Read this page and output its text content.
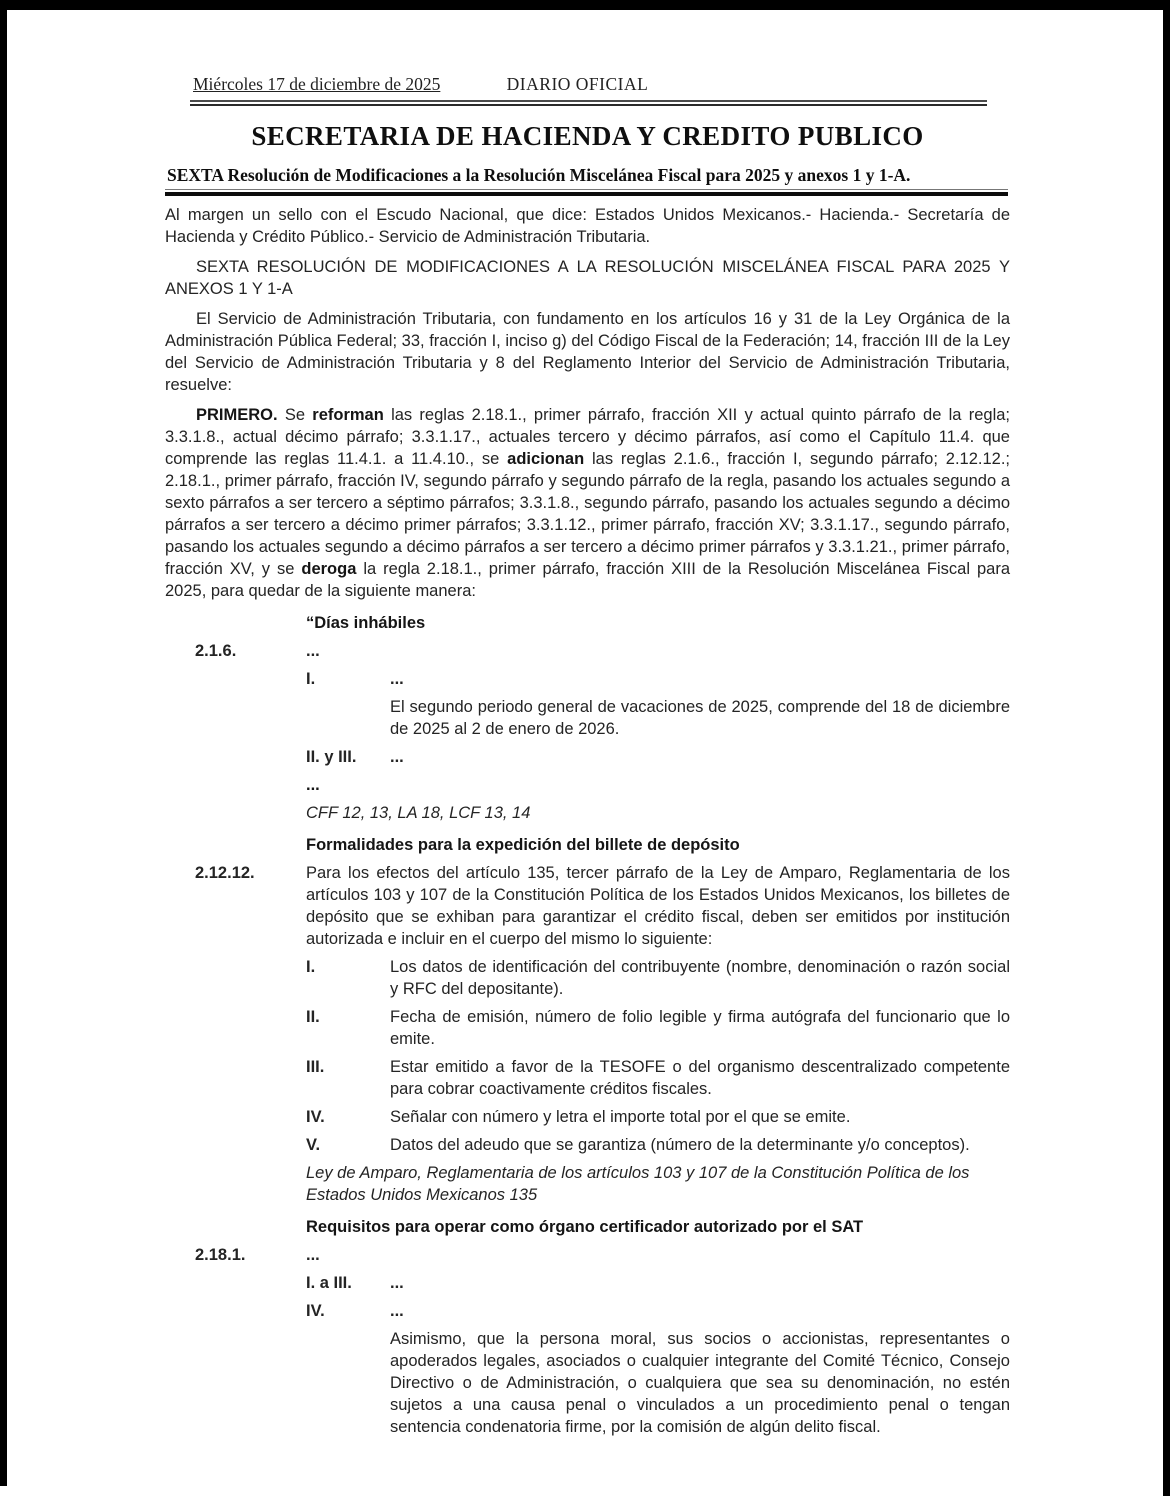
Miércoles 17 de diciembre de 2025	DIARIO OFICIAL
SECRETARIA DE HACIENDA Y CREDITO PUBLICO
SEXTA Resolución de Modificaciones a la Resolución Miscelánea Fiscal para 2025 y anexos 1 y 1-A.

Al margen un sello con el Escudo Nacional, que dice: Estados Unidos Mexicanos.- Hacienda.- Secretaría de Hacienda y Crédito Público.- Servicio de Administración Tributaria.

SEXTA RESOLUCIÓN DE MODIFICACIONES A LA RESOLUCIÓN MISCELÁNEA FISCAL PARA 2025 Y ANEXOS 1 Y 1-A

El Servicio de Administración Tributaria, con fundamento en los artículos 16 y 31 de la Ley Orgánica de la Administración Pública Federal; 33, fracción I, inciso g) del Código Fiscal de la Federación; 14, fracción III de la Ley del Servicio de Administración Tributaria y 8 del Reglamento Interior del Servicio de Administración Tributaria, resuelve:

PRIMERO. Se reforman las reglas 2.18.1., primer párrafo, fracción XII y actual quinto párrafo de la regla; 3.3.1.8., actual décimo párrafo; 3.3.1.17., actuales tercero y décimo párrafos, así como el Capítulo 11.4. que comprende las reglas 11.4.1. a 11.4.10., se adicionan las reglas 2.1.6., fracción I, segundo párrafo; 2.12.12.; 2.18.1., primer párrafo, fracción IV, segundo párrafo y segundo párrafo de la regla, pasando los actuales segundo a sexto párrafos a ser tercero a séptimo párrafos; 3.3.1.8., segundo párrafo, pasando los actuales segundo a décimo párrafos a ser tercero a décimo primer párrafos; 3.3.1.12., primer párrafo, fracción XV; 3.3.1.17., segundo párrafo, pasando los actuales segundo a décimo párrafos a ser tercero a décimo primer párrafos y 3.3.1.21., primer párrafo, fracción XV, y se deroga la regla 2.18.1., primer párrafo, fracción XIII de la Resolución Miscelánea Fiscal para 2025, para quedar de la siguiente manera:

“Días inhábiles
2.1.6.	...
I.	...
El segundo periodo general de vacaciones de 2025, comprende del 18 de diciembre de 2025 al 2 de enero de 2026.
II. y III.	...
...
CFF 12, 13, LA 18, LCF 13, 14
Formalidades para la expedición del billete de depósito
2.12.12.	Para los efectos del artículo 135, tercer párrafo de la Ley de Amparo, Reglamentaria de los artículos 103 y 107 de la Constitución Política de los Estados Unidos Mexicanos, los billetes de depósito que se exhiban para garantizar el crédito fiscal, deben ser emitidos por institución autorizada e incluir en el cuerpo del mismo lo siguiente:
I.	Los datos de identificación del contribuyente (nombre, denominación o razón social y RFC del depositante).
II.	Fecha de emisión, número de folio legible y firma autógrafa del funcionario que lo emite.
III.	Estar emitido a favor de la TESOFE o del organismo descentralizado competente para cobrar coactivamente créditos fiscales.
IV.	Señalar con número y letra el importe total por el que se emite.
V.	Datos del adeudo que se garantiza (número de la determinante y/o conceptos).
Ley de Amparo, Reglamentaria de los artículos 103 y 107 de la Constitución Política de los Estados Unidos Mexicanos 135
Requisitos para operar como órgano certificador autorizado por el SAT
2.18.1.	...
I. a III.	...
IV.	...
Asimismo, que la persona moral, sus socios o accionistas, representantes o apoderados legales, asociados o cualquier integrante del Comité Técnico, Consejo Directivo o de Administración, o cualquiera que sea su denominación, no estén sujetos a una causa penal o vinculados a un procedimiento penal o tengan sentencia condenatoria firme, por la comisión de algún delito fiscal.
